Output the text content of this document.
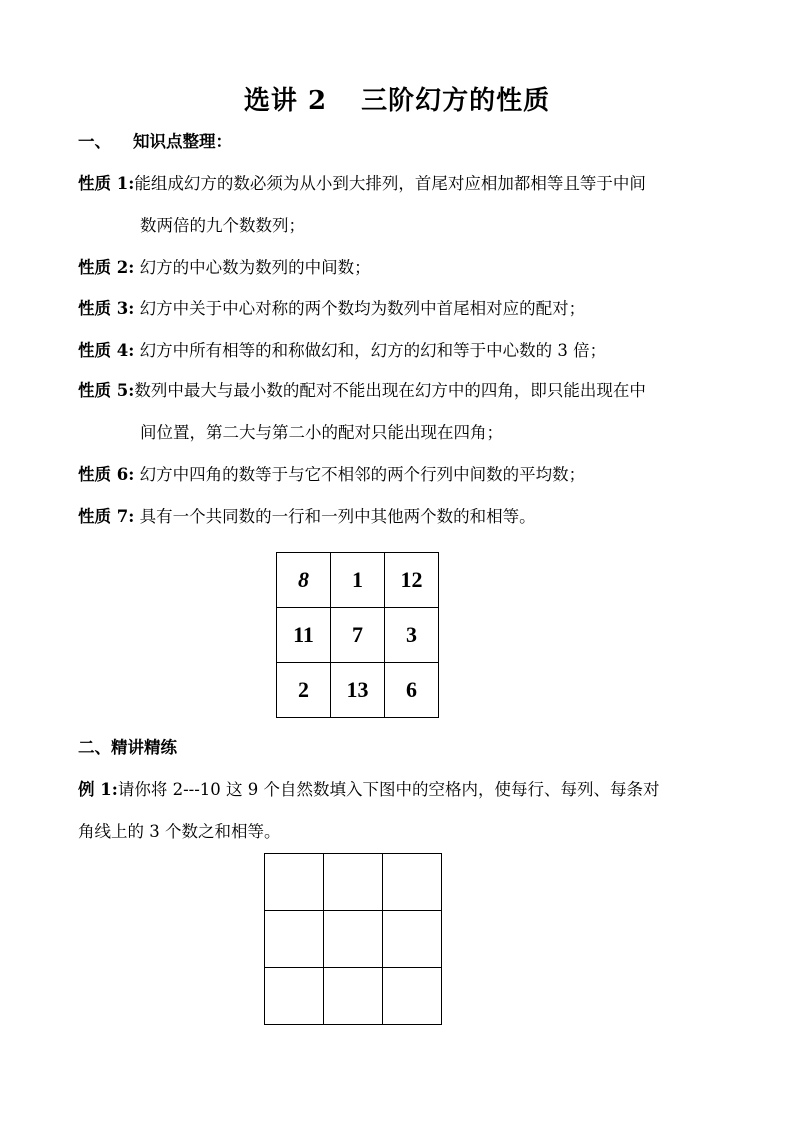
选讲 2 三阶幻方的性质
一、 知识点整理：
性质 1:能组成幻方的数必须为从小到大排列，首尾对应相加都相等且等于中间
数两倍的九个数数列；
性质 2: 幻方的中心数为数列的中间数；
性质 3: 幻方中关于中心对称的两个数均为数列中首尾相对应的配对；
性质 4: 幻方中所有相等的和称做幻和，幻方的幻和等于中心数的 3 倍；
性质 5:数列中最大与最小数的配对不能出现在幻方中的四角，即只能出现在中
间位置，第二大与第二小的配对只能出现在四角；
性质 6: 幻方中四角的数等于与它不相邻的两个行列中间数的平均数；
性质 7: 具有一个共同数的一行和一列中其他两个数的和相等。
8	1	12
11	7	3
2	13	6
二、精讲精练
例 1:请你将 2---10 这 9 个自然数填入下图中的空格内，使每行、每列、每条对
角线上的 3 个数之和相等。
